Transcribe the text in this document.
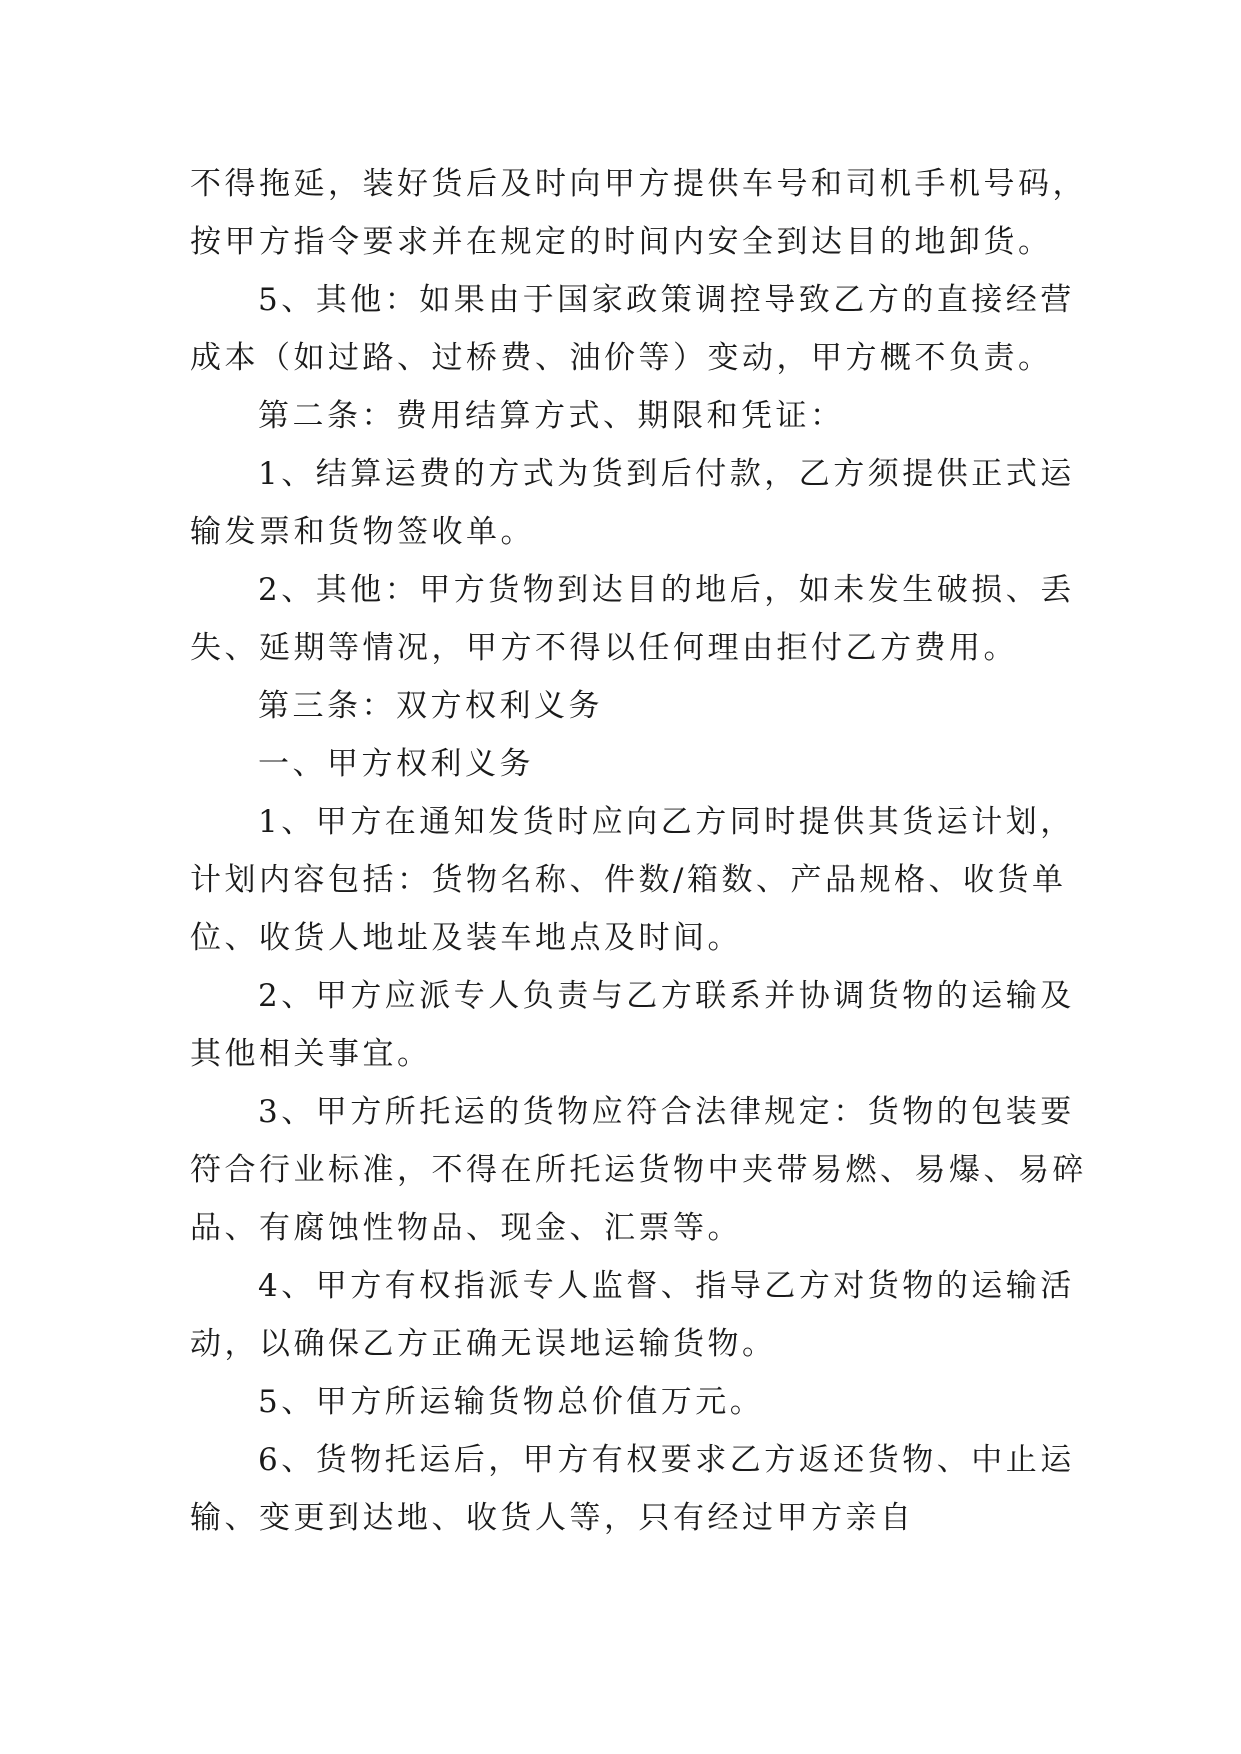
不得拖延，装好货后及时向甲方提供车号和司机手机号码，
按甲方指令要求并在规定的时间内安全到达目的地卸货。
5、其他：如果由于国家政策调控导致乙方的直接经营
成本（如过路、过桥费、油价等）变动，甲方概不负责。
第二条：费用结算方式、期限和凭证：
1、结算运费的方式为货到后付款，乙方须提供正式运
输发票和货物签收单。
2、其他：甲方货物到达目的地后，如未发生破损、丢
失、延期等情况，甲方不得以任何理由拒付乙方费用。
第三条：双方权利义务
一、甲方权利义务
1、甲方在通知发货时应向乙方同时提供其货运计划，
计划内容包括：货物名称、件数/箱数、产品规格、收货单
位、收货人地址及装车地点及时间。
2、甲方应派专人负责与乙方联系并协调货物的运输及
其他相关事宜。
3、甲方所托运的货物应符合法律规定：货物的包装要
符合行业标准，不得在所托运货物中夹带易燃、易爆、易碎
品、有腐蚀性物品、现金、汇票等。
4、甲方有权指派专人监督、指导乙方对货物的运输活
动，以确保乙方正确无误地运输货物。
5、甲方所运输货物总价值万元。
6、货物托运后，甲方有权要求乙方返还货物、中止运
输、变更到达地、收货人等，只有经过甲方亲自
